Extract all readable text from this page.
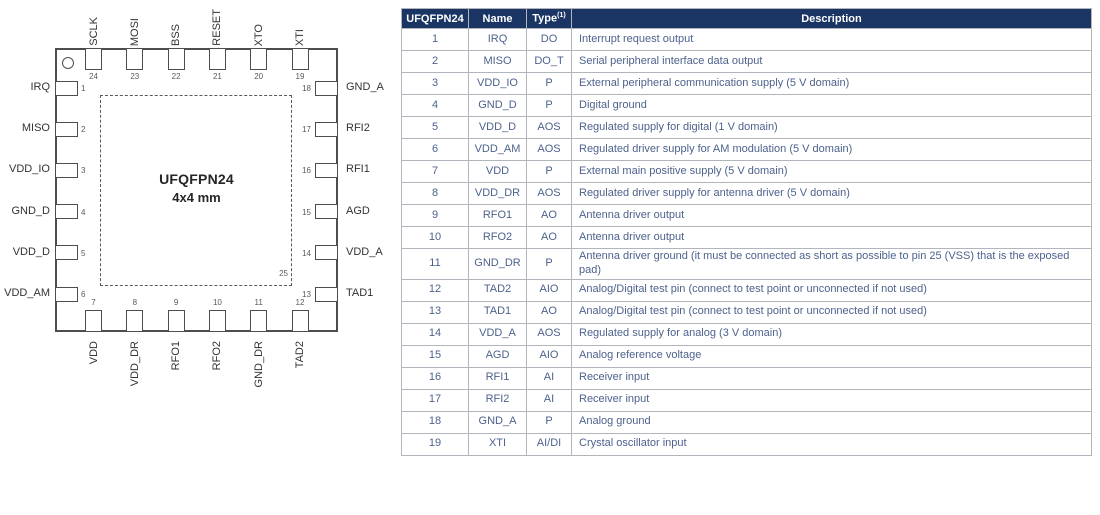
UFQFPN24
4x4 mm
25
24
SCLK
23
MOSI
22
BSS
21
RESET
20
XTO
19
XTI
7
VDD
8
VDD_DR
9
RFO1
10
RFO2
11
GND_DR
12
TAD2
1
IRQ
2
MISO
3
VDD_IO
4
GND_D
5
VDD_D
6
VDD_AM
18	GND_A
17	RFI2
16	RFI1
15	AGD
14	VDD_A
13	TAD1
UFQFPN24	Name	Type$^{(1)}$	Description
1	IRQ	DO	Interrupt request output
2	MISO	DO_T	Serial peripheral interface data output
3	VDD_IO	P	External peripheral communication supply (5 V domain)
4	GND_D	P	Digital ground
5	VDD_D	AOS	Regulated supply for digital (1 V domain)
6	VDD_AM	AOS	Regulated driver supply for AM modulation (5 V domain)
7	VDD	P	External main positive supply (5 V domain)
8	VDD_DR	AOS	Regulated driver supply for antenna driver (5 V domain)
9	RFO1	AO	Antenna driver output
10	RFO2	AO	Antenna driver output
11	GND_DR	P	Antenna driver ground (it must be connected as short as possible to pin 25 (VSS) that is the exposed pad)
12	TAD2	AIO	Analog/Digital test pin (connect to test point or unconnected if not used)
13	TAD1	AO	Analog/Digital test pin (connect to test point or unconnected if not used)
14	VDD_A	AOS	Regulated supply for analog (3 V domain)
15	AGD	AIO	Analog reference voltage
16	RFI1	AI	Receiver input
17	RFI2	AI	Receiver input
18	GND_A	P	Analog ground
19	XTI	AI/DI	Crystal oscillator input
